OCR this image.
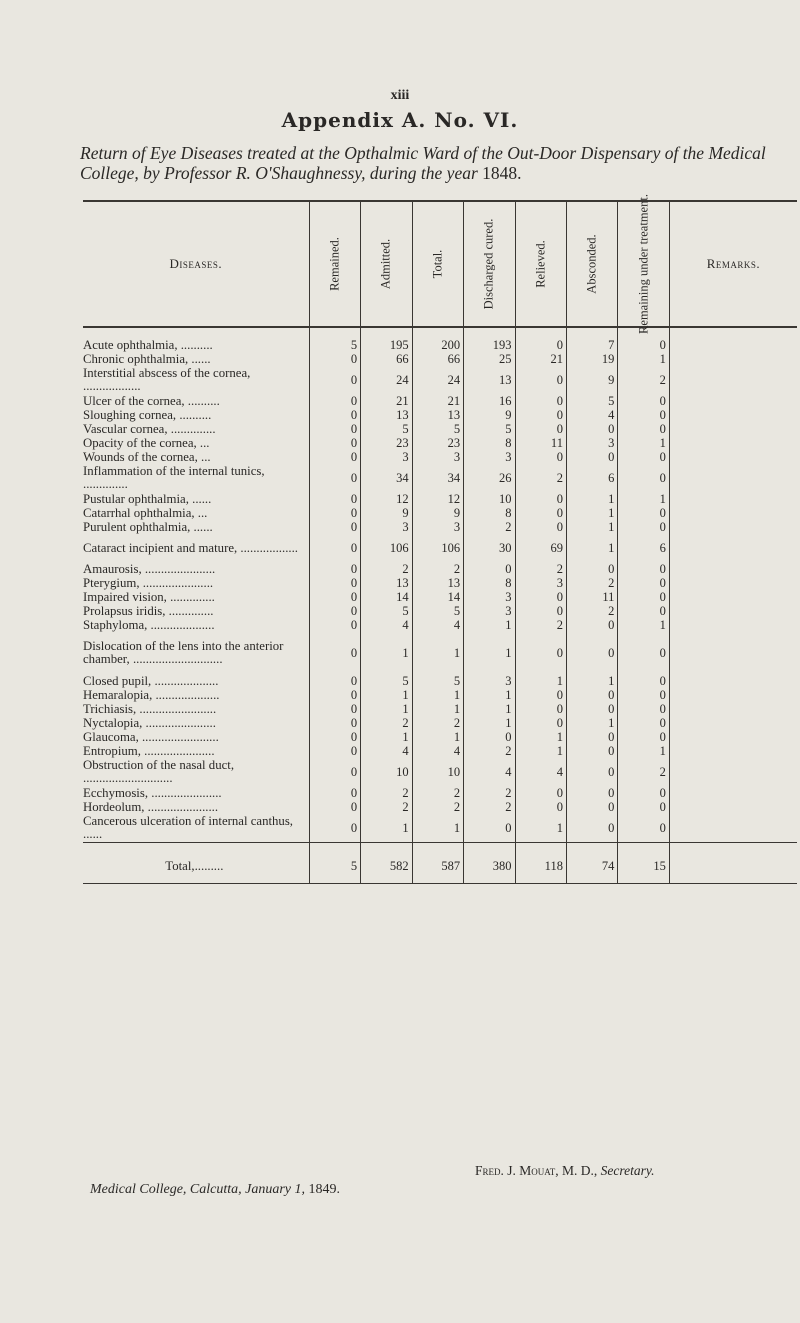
xiii
Appendix A. No. VI.
Return of Eye Diseases treated at the Opthalmic Ward of the Out-Door Dispensary of the Medical College, by Professor R. O'Shaughnessy, during the year 1848.
Diseases.	Remained.	Admitted.	Total.	Discharged cured.	Relieved.	Absconded.	Remaining under treatment.	Remarks.
Acute ophthalmia, ..........	5	195	200	193	0	7	0	
Chronic ophthalmia, ......	0	66	66	25	21	19	1	
Interstitial abscess of the cornea, ..................	0	24	24	13	0	9	2	
Ulcer of the cornea, ..........	0	21	21	16	0	5	0	
Sloughing cornea, ..........	0	13	13	9	0	4	0	
Vascular cornea, ..............	0	5	5	5	0	0	0	
Opacity of the cornea, ...	0	23	23	8	11	3	1	
Wounds of the cornea, ...	0	3	3	3	0	0	0	
Inflammation of the internal tunics, ..............	0	34	34	26	2	6	0	
Pustular ophthalmia, ......	0	12	12	10	0	1	1	
Catarrhal ophthalmia, ...	0	9	9	8	0	1	0	
Purulent ophthalmia, ......	0	3	3	2	0	1	0	
Cataract incipient and mature, ..................	0	106	106	30	69	1	6	
Amaurosis, ......................	0	2	2	0	2	0	0	
Pterygium, ......................	0	13	13	8	3	2	0	
Impaired vision, ..............	0	14	14	3	0	11	0	
Prolapsus iridis, ..............	0	5	5	3	0	2	0	
Staphyloma, ....................	0	4	4	1	2	0	1	
Dislocation of the lens into the anterior chamber, ............................	0	1	1	1	0	0	0	
Closed pupil, ....................	0	5	5	3	1	1	0	
Hemaralopia, ....................	0	1	1	1	0	0	0	
Trichiasis, ........................	0	1	1	1	0	0	0	
Nyctalopia, ......................	0	2	2	1	0	1	0	
Glaucoma, ........................	0	1	1	0	1	0	0	
Entropium, ......................	0	4	4	2	1	0	1	
Obstruction of the nasal duct, ............................	0	10	10	4	4	0	2	
Ecchymosis, ......................	0	2	2	2	0	0	0	
Hordeolum, ......................	0	2	2	2	0	0	0	
Cancerous ulceration of internal canthus, ......	0	1	1	0	1	0	0	
Total,.........	5	582	587	380	118	74	15	
Fred. J. Mouat, M. D., Secretary.
Medical College, Calcutta, January 1, 1849.
